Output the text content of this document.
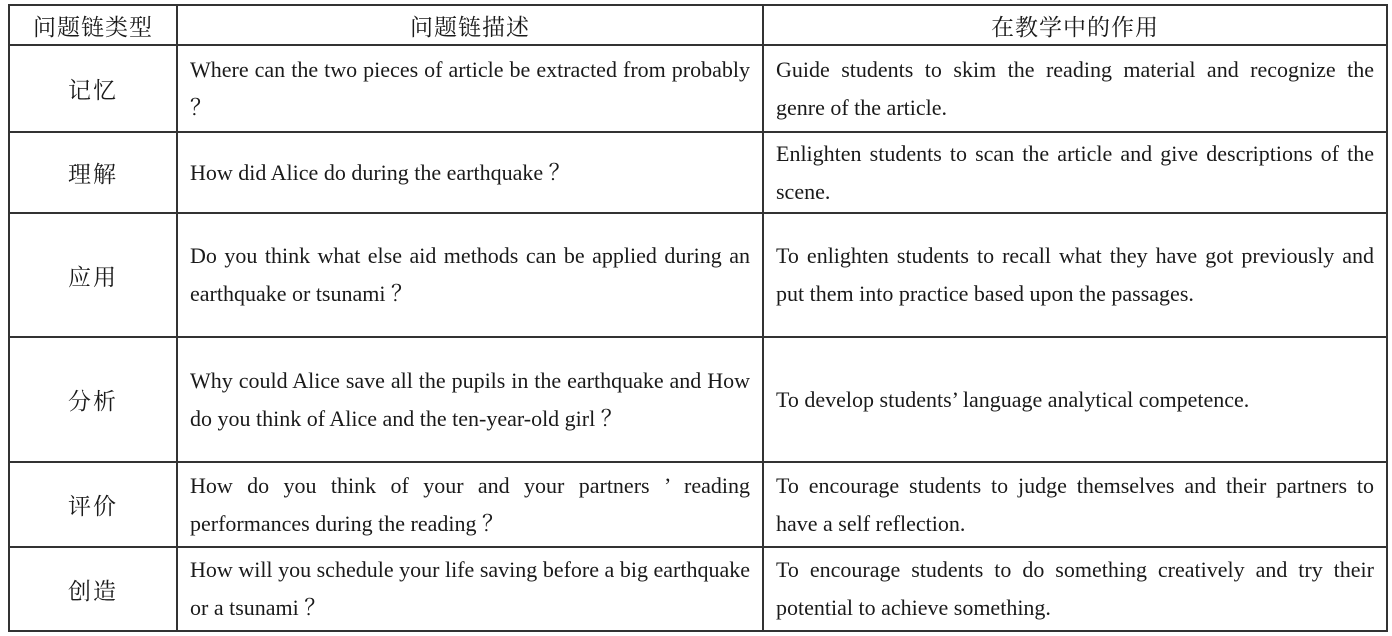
问题链类型	问题链描述	在教学中的作用
记忆	Where can the two pieces of article be extracted from probably ？	Guide students to skim the reading material and recognize the genre of the article.
理解	How did Alice do during the earthquake ？	Enlighten students to scan the article and give descriptions of the scene.
应用	Do you think what else aid methods can be applied during an earthquake or tsunami ？	To enlighten students to recall what they have got previously and put them into practice based upon the passages.
分析	Why could Alice save all the pupils in the earthquake and How do you think of Alice and the ten-year-old girl ？	To develop students’ language analytical competence.
评价	How do you think of your and your partners ’ reading performances during the reading ？	To encourage students to judge themselves and their partners to have a self reflection.
创造	How will you schedule your life saving before a big earthquake or a tsunami ？	To encourage students to do something creatively and try their potential to achieve something.
